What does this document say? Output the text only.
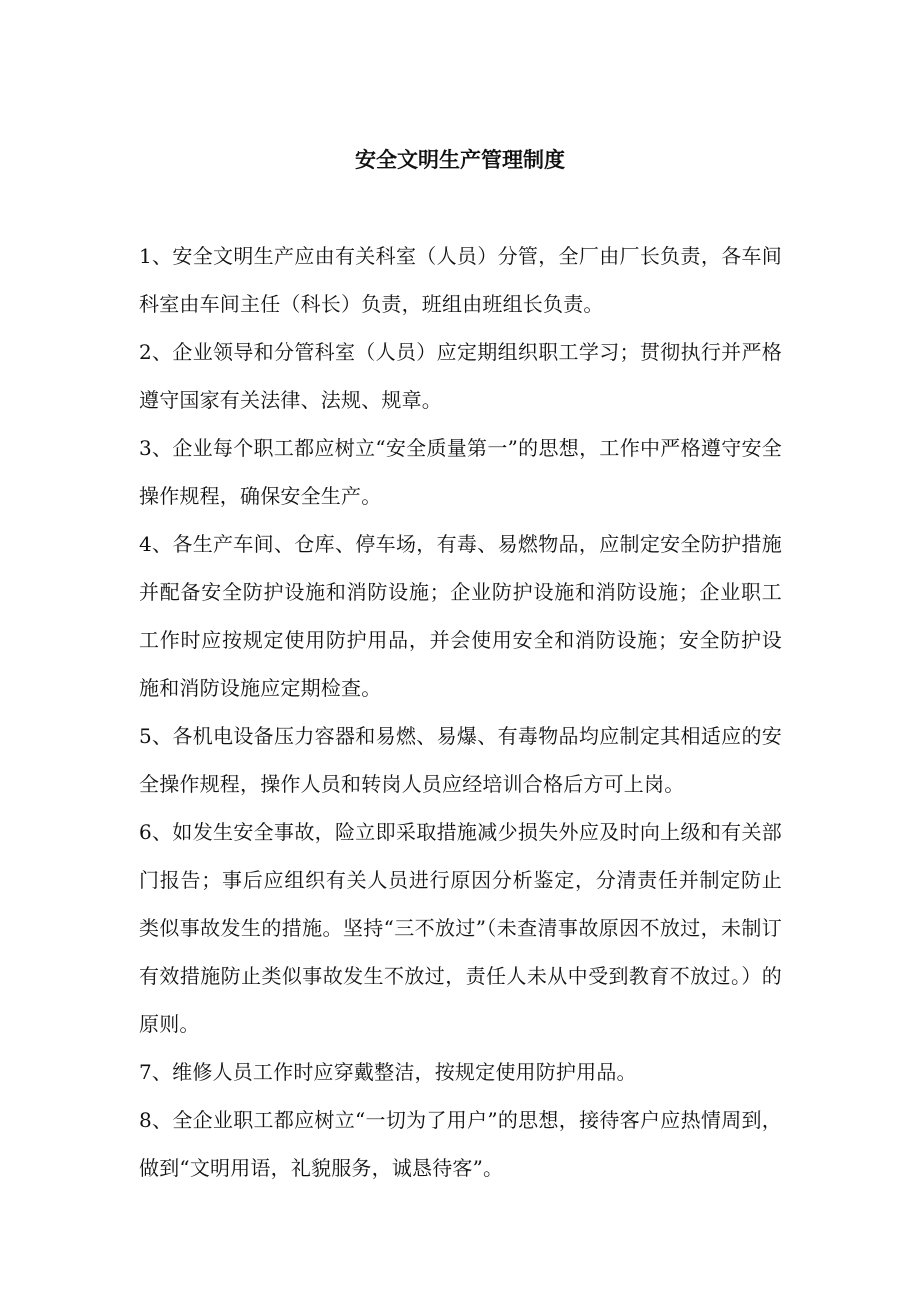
安全文明生产管理制度

1、安全文明生产应由有关科室（人员）分管，全厂由厂长负责，各车间科室由车间主任（科长）负责，班组由班组长负责。

2、企业领导和分管科室（人员）应定期组织职工学习；贯彻执行并严格遵守国家有关法律、法规、规章。

3、企业每个职工都应树立“安全质量第一”的思想，工作中严格遵守安全操作规程，确保安全生产。

4、各生产车间、仓库、停车场，有毒、易燃物品，应制定安全防护措施并配备安全防护设施和消防设施；企业防护设施和消防设施；企业职工工作时应按规定使用防护用品，并会使用安全和消防设施；安全防护设施和消防设施应定期检查。

5、各机电设备压力容器和易燃、易爆、有毒物品均应制定其相适应的安全操作规程，操作人员和转岗人员应经培训合格后方可上岗。

6、如发生安全事故，险立即采取措施减少损失外应及时向上级和有关部门报告；事后应组织有关人员进行原因分析鉴定，分清责任并制定防止类似事故发生的措施。坚持“三不放过”（未查清事故原因不放过，未制订有效措施防止类似事故发生不放过，责任人未从中受到教育不放过。）的原则。

7、维修人员工作时应穿戴整洁，按规定使用防护用品。

8、全企业职工都应树立“一切为了用户”的思想，接待客户应热情周到，做到“文明用语，礼貌服务，诚恳待客”。
